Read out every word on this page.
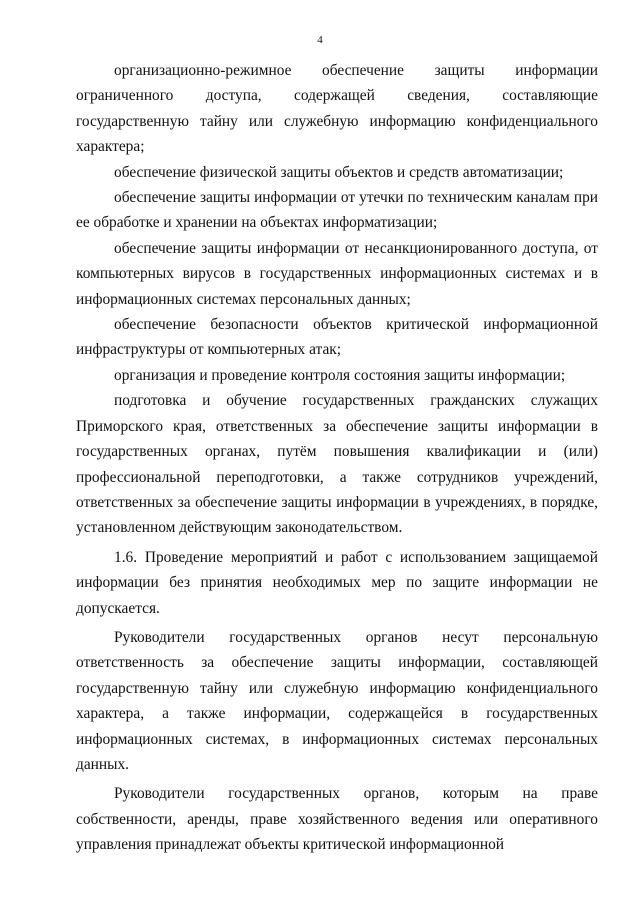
4

организационно-режимное обеспечение защиты информации ограниченного доступа, содержащей сведения, составляющие государственную тайну или служебную информацию конфиденциального характера;

обеспечение физической защиты объектов и средств автоматизации;

обеспечение защиты информации от утечки по техническим каналам при ее обработке и хранении на объектах информатизации;

обеспечение защиты информации от несанкционированного доступа, от компьютерных вирусов в государственных информационных системах и в информационных системах персональных данных;

обеспечение безопасности объектов критической информационной инфраструктуры от компьютерных атак;

организация и проведение контроля состояния защиты информации;

подготовка и обучение государственных гражданских служащих Приморского края, ответственных за обеспечение защиты информации в государственных органах, путём повышения квалификации и (или) профессиональной переподготовки, а также сотрудников учреждений, ответственных за обеспечение защиты информации в учреждениях, в порядке, установленном действующим законодательством.

1.6. Проведение мероприятий и работ с использованием защищаемой информации без принятия необходимых мер по защите информации не допускается.

Руководители государственных органов несут персональную ответственность за обеспечение защиты информации, составляющей государственную тайну или служебную информацию конфиденциального характера, а также информации, содержащейся в государственных информационных системах, в информационных системах персональных данных.

Руководители государственных органов, которым на праве собственности, аренды, праве хозяйственного ведения или оперативного управления принадлежат объекты критической информационной
